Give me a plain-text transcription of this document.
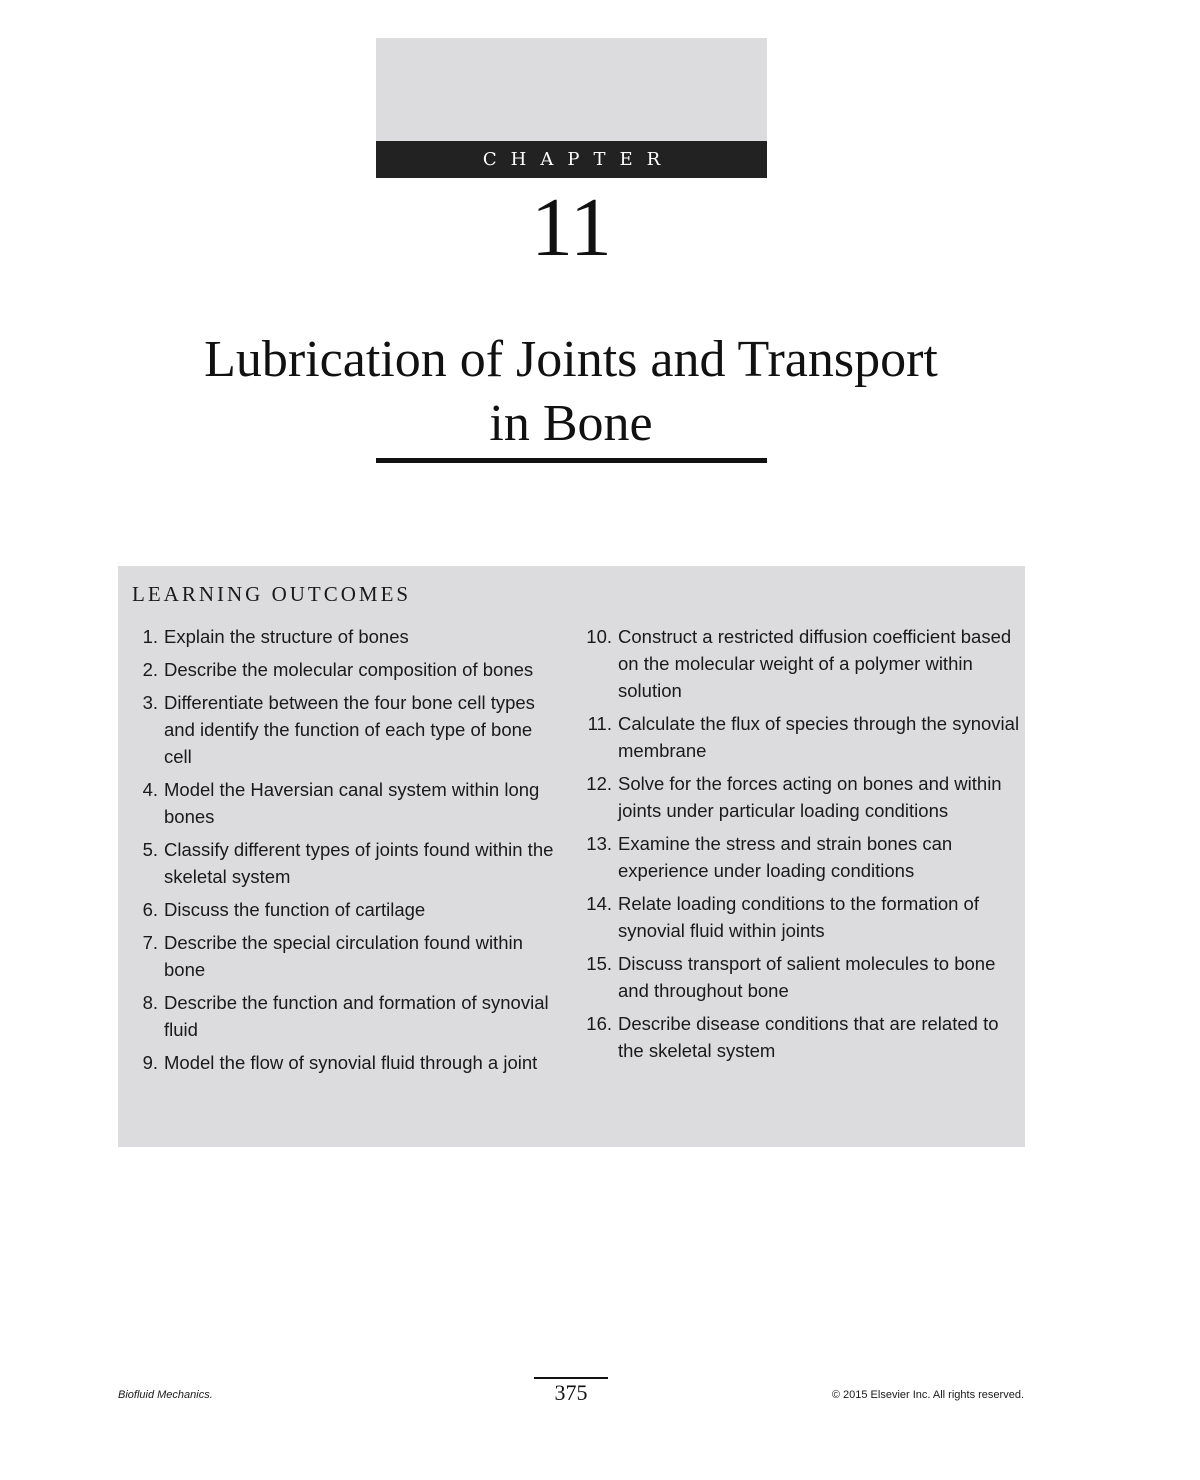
CHAPTER
11
Lubrication of Joints and Transport
in Bone
LEARNING OUTCOMES
1. Explain the structure of bones
2. Describe the molecular composition of bones
3. Differentiate between the four bone cell types and identify the function of each type of bone cell
4. Model the Haversian canal system within long bones
5. Classify different types of joints found within the skeletal system
6. Discuss the function of cartilage
7. Describe the special circulation found within bone
8. Describe the function and formation of synovial fluid
9. Model the flow of synovial fluid through a joint
10. Construct a restricted diffusion coefficient based on the molecular weight of a polymer within solution
11. Calculate the flux of species through the synovial membrane
12. Solve for the forces acting on bones and within joints under particular loading conditions
13. Examine the stress and strain bones can experience under loading conditions
14. Relate loading conditions to the formation of synovial fluid within joints
15. Discuss transport of salient molecules to bone and throughout bone
16. Describe disease conditions that are related to the skeletal system
Biofluid Mechanics.	375	© 2015 Elsevier Inc. All rights reserved.
